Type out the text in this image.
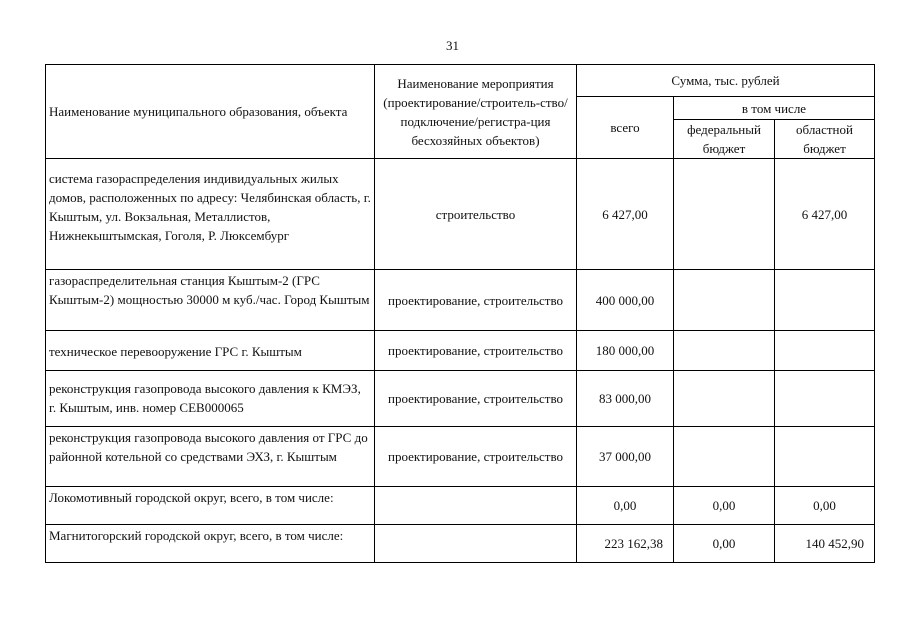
31
Наименование муниципального образования, объекта	Наименование мероприятия (проектирование/строитель-ство/подключение/регистра-ция бесхозяйных объектов)	Сумма, тыс. рублей		
		всего	в том числе	
			федеральный бюджет	областной бюджет
система газораспределения индивидуальных жилых домов, расположенных по адресу: Челябинская область, г. Кыштым, ул. Вокзальная, Металлистов, Нижнекыштымская, Гоголя, Р. Люксембург	строительство	6 427,00		6 427,00
газораспределительная станция Кыштым-2 (ГРС Кыштым-2) мощностью 30000 м куб./час. Город Кыштым	проектирование, строительство	400 000,00		
техническое перевооружение ГРС г. Кыштым	проектирование, строительство	180 000,00		
реконструкция газопровода высокого давления к КМЭЗ, г. Кыштым, инв. номер СЕВ000065	проектирование, строительство	83 000,00		
реконструкция газопровода высокого давления от ГРС до районной котельной со средствами ЭХЗ, г. Кыштым	проектирование, строительство	37 000,00		
Локомотивный городской округ, всего, в том числе:		0,00	0,00	0,00
Магнитогорский городской округ, всего, в том числе:		223 162,38	0,00	140 452,90
